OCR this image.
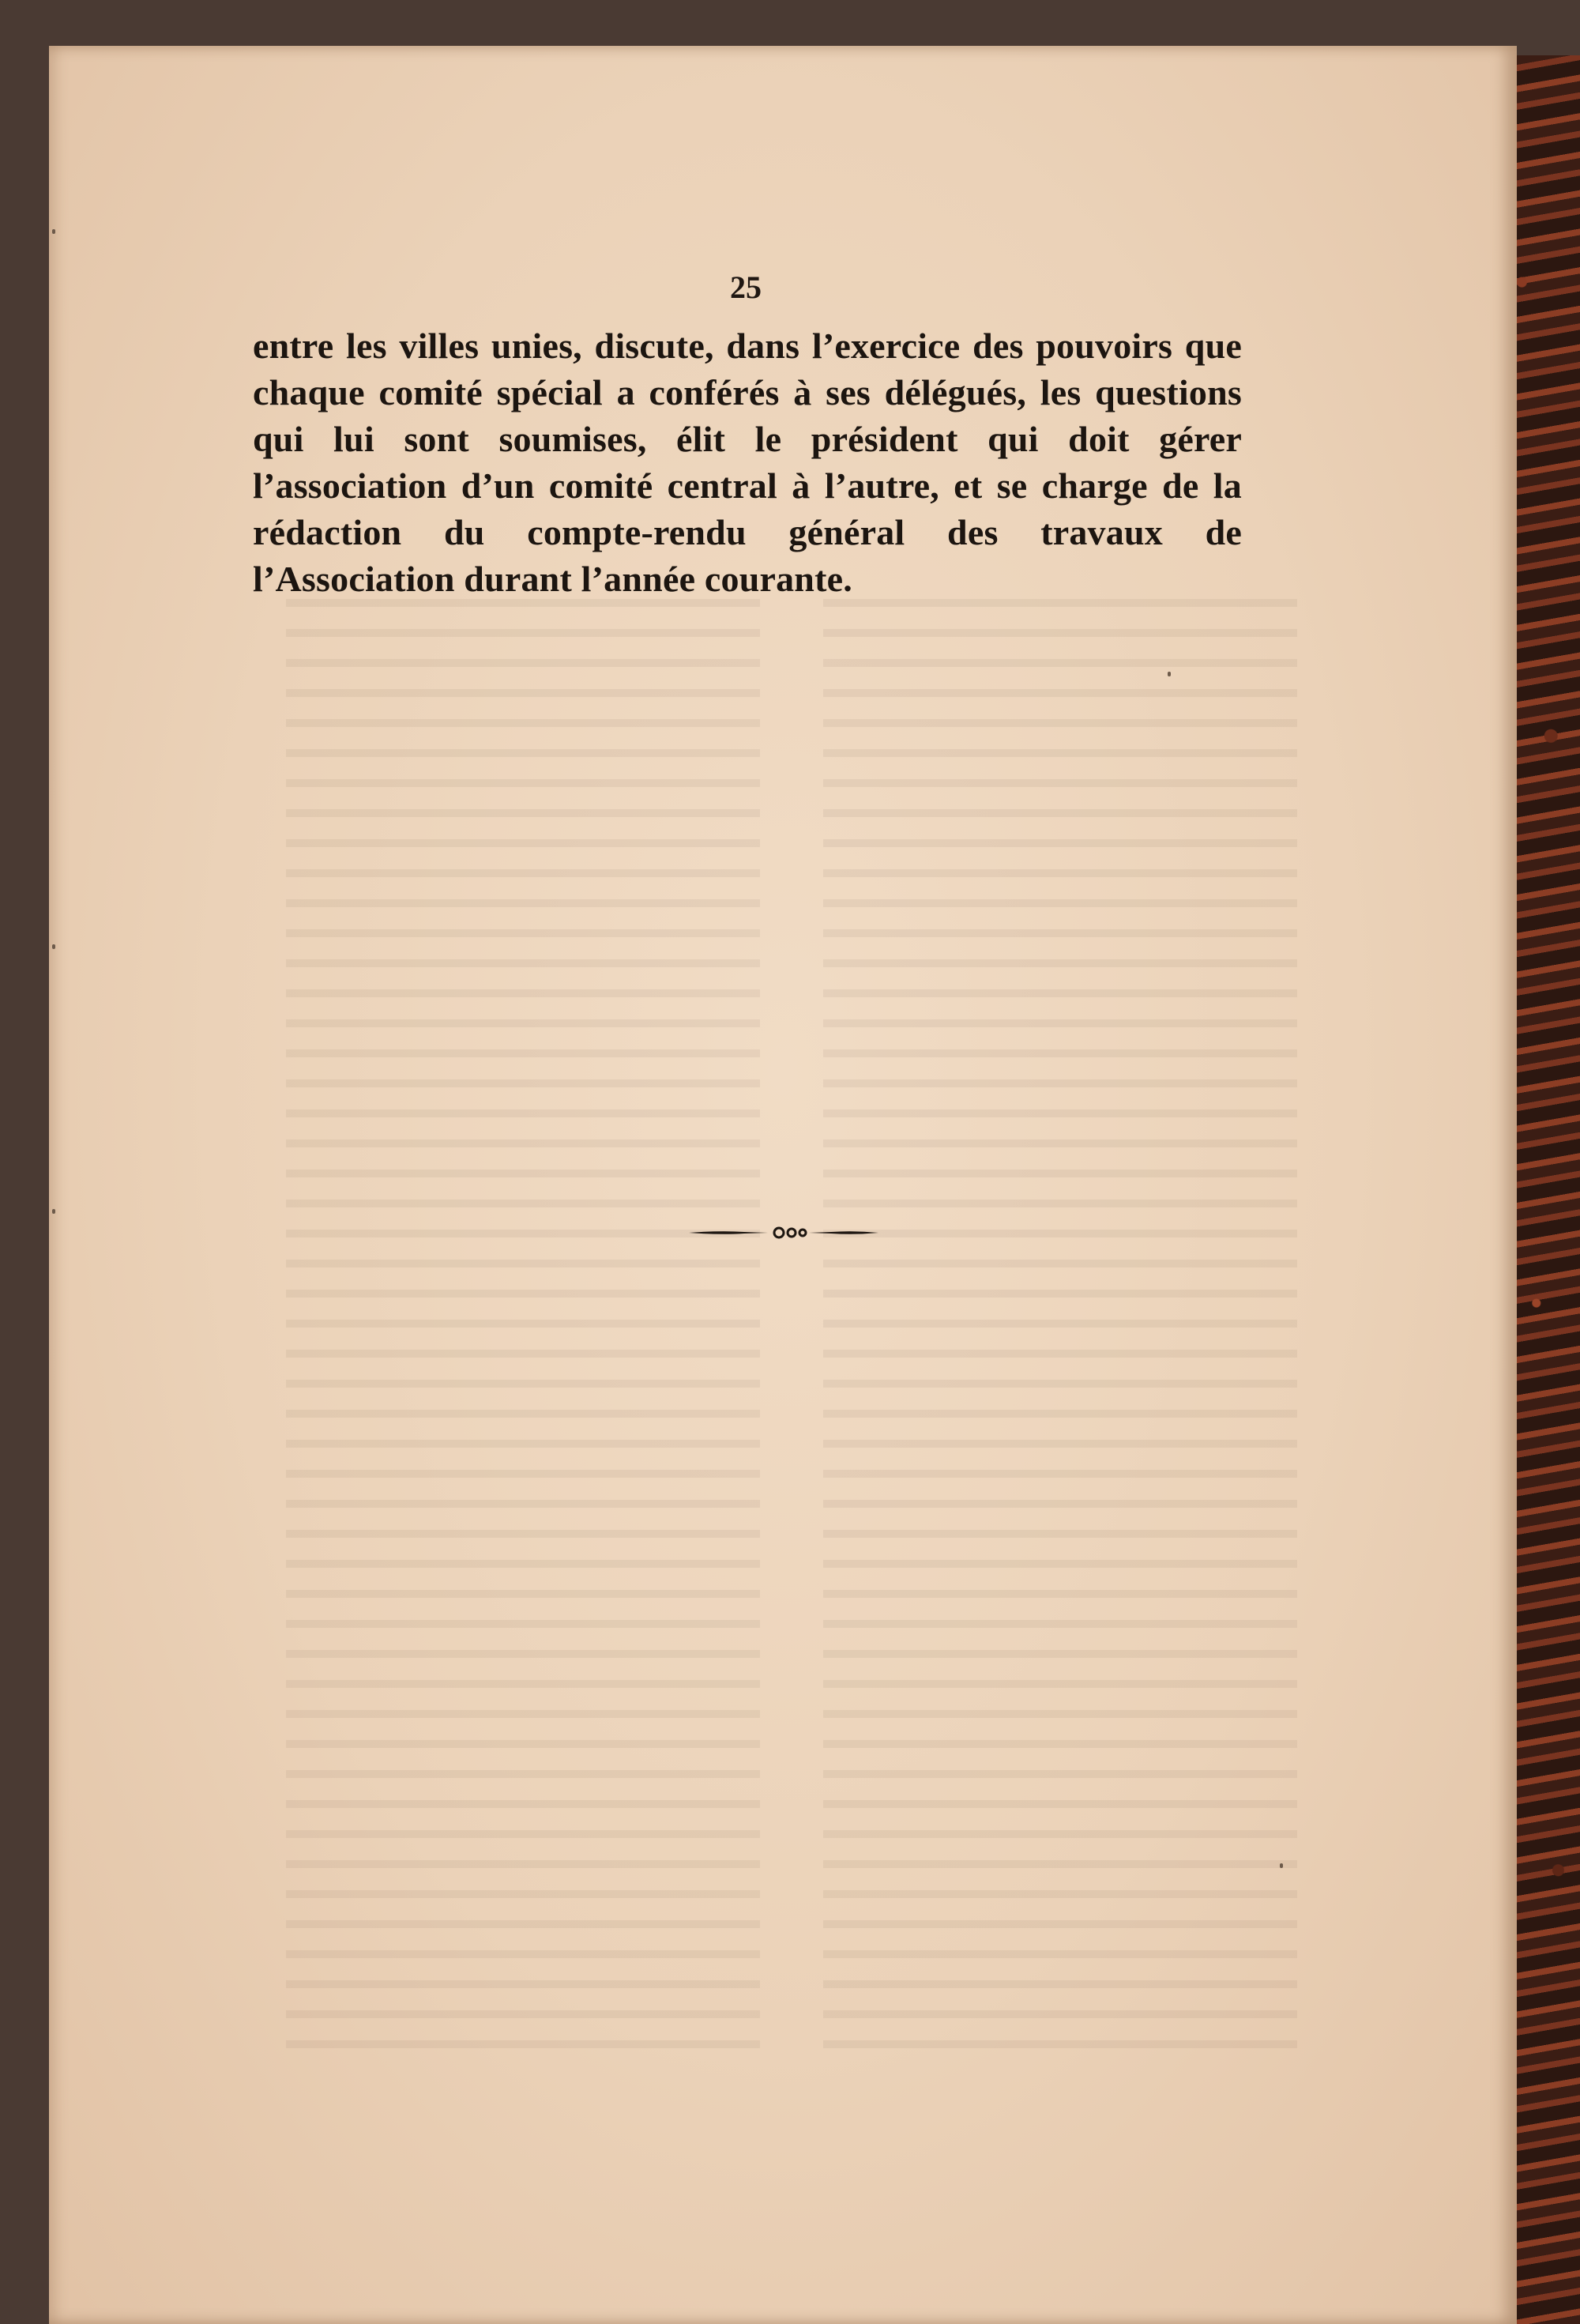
25
entre les villes unies, discute, dans l’exercice des pouvoirs que chaque comité spécial a conférés à ses délégués, les questions qui lui sont soumises, élit le président qui doit gérer l’association d’un comité central à l’autre, et se charge de la rédaction du compte-rendu général des travaux de l’Association durant l’année courante.
